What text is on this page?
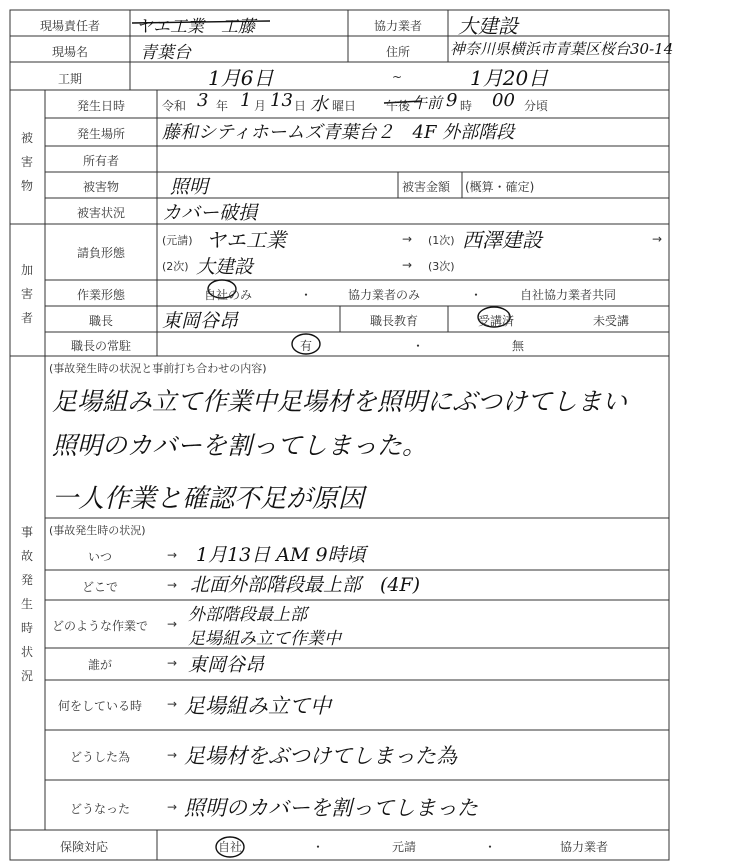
現場責任者 ヤエ工業　工藤	協力業者 大建設
現場名	青葉台	住所	神奈川県横浜市青葉区桜台30-14
工期	1月6日	~	1月20日
被害物
発生日時	令和 3 年 1 月 13 日 水 曜日 午後 午前 9 時 00 分頃
発生場所 藤和シティホームズ青葉台２　4F 外部階段
所有者
被害物	照明	被害金額 (概算・確定)
被害状況 カバー破損
加害者
請負形態
(元請) ヤエ工業	→ (1次) 西澤建設	→
(2次) 大建設	→ (3次)
作業形態	自社のみ	・	協力業者のみ	・	自社協力業者共同
職長	東岡谷昂	職長教育	受講済	未受講
職長の常駐	有	・	無
事故発生時状況
(事故発生時の状況と事前打ち合わせの内容)
足場組み立て作業中足場材を照明にぶつけてしまい
照明のカバーを割ってしまった。
一人作業と確認不足が原因
(事故発生時の状況)
いつ	→ 1月13日 AM 9時頃
どこで	→ 北面外部階段最上部　(4F)
どのような作業で → 外部階段最上部
足場組み立て作業中
誰が	→ 東岡谷昂
何をしている時 → 足場組み立て中
どうした為	→ 足場材をぶつけてしまった為
どうなった	→ 照明のカバーを割ってしまった
保険対応	自社	・	元請	・	協力業者
